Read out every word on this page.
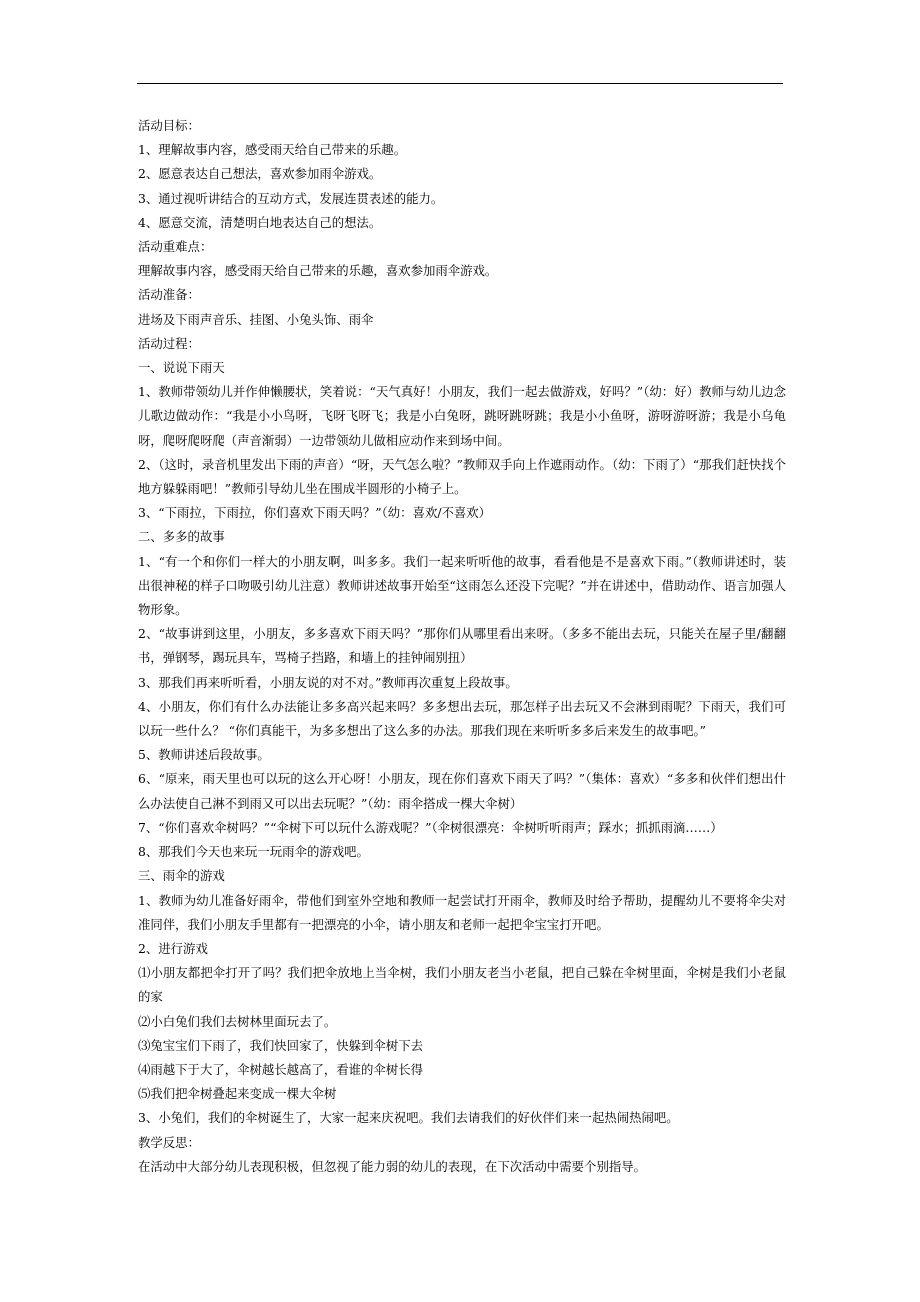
活动目标：

1、理解故事内容，感受雨天给自己带来的乐趣。

2、愿意表达自己想法，喜欢参加雨伞游戏。

3、通过视听讲结合的互动方式，发展连贯表述的能力。

4、愿意交流，清楚明白地表达自己的想法。

活动重难点：

理解故事内容，感受雨天给自己带来的乐趣，喜欢参加雨伞游戏。

活动准备：

进场及下雨声音乐、挂图、小兔头饰、雨伞

活动过程：

一、说说下雨天

1、教师带领幼儿并作伸懒腰状，笑着说：“天气真好！小朋友，我们一起去做游戏，好吗？”（幼：好）教师与幼儿边念儿歌边做动作：“我是小小鸟呀，飞呀飞呀飞；我是小白兔呀，跳呀跳呀跳；我是小小鱼呀，游呀游呀游；我是小乌龟呀，爬呀爬呀爬（声音渐弱）一边带领幼儿做相应动作来到场中间。

2、（这时，录音机里发出下雨的声音）“呀，天气怎么啦？”教师双手向上作遮雨动作。（幼：下雨了）“那我们赶快找个地方躲躲雨吧！”教师引导幼儿坐在围成半圆形的小椅子上。

3、“下雨拉，下雨拉，你们喜欢下雨天吗？”（幼：喜欢/不喜欢）

二、多多的故事

1、“有一个和你们一样大的小朋友啊，叫多多。我们一起来听听他的故事，看看他是不是喜欢下雨。”（教师讲述时，装出很神秘的样子口吻吸引幼儿注意）教师讲述故事开始至“这雨怎么还没下完呢？”并在讲述中，借助动作、语言加强人物形象。

2、“故事讲到这里，小朋友，多多喜欢下雨天吗？”那你们从哪里看出来呀。（多多不能出去玩，只能关在屋子里/翻翻书，弹钢琴，踢玩具车，骂椅子挡路，和墙上的挂钟闹别扭）

3、那我们再来听听看，小朋友说的对不对。”教师再次重复上段故事。

4、小朋友，你们有什么办法能让多多高兴起来吗？多多想出去玩，那怎样子出去玩又不会淋到雨呢？下雨天，我们可以玩一些什么？ “你们真能干，为多多想出了这么多的办法。那我们现在来听听多多后来发生的故事吧。”

5、教师讲述后段故事。

6、“原来，雨天里也可以玩的这么开心呀！小朋友，现在你们喜欢下雨天了吗？”（集体：喜欢）“多多和伙伴们想出什么办法使自己淋不到雨又可以出去玩呢？”（幼：雨伞搭成一棵大伞树）

7、“你们喜欢伞树吗？”“伞树下可以玩什么游戏呢？”（伞树很漂亮：伞树听听雨声；踩水；抓抓雨滴……）

8、那我们今天也来玩一玩雨伞的游戏吧。

三、雨伞的游戏

1、教师为幼儿准备好雨伞，带他们到室外空地和教师一起尝试打开雨伞，教师及时给予帮助，提醒幼儿不要将伞尖对准同伴，我们小朋友手里都有一把漂亮的小伞，请小朋友和老师一起把伞宝宝打开吧。

2、进行游戏

⑴小朋友都把伞打开了吗？我们把伞放地上当伞树，我们小朋友老当小老鼠，把自己躲在伞树里面，伞树是我们小老鼠的家

⑵小白兔们我们去树林里面玩去了。

⑶兔宝宝们下雨了，我们快回家了，快躲到伞树下去

⑷雨越下于大了，伞树越长越高了，看谁的伞树长得

⑸我们把伞树叠起来变成一棵大伞树

3、小兔们，我们的伞树诞生了，大家一起来庆祝吧。我们去请我们的好伙伴们来一起热闹热闹吧。

教学反思：

在活动中大部分幼儿表现积极，但忽视了能力弱的幼儿的表现，在下次活动中需要个别指导。
